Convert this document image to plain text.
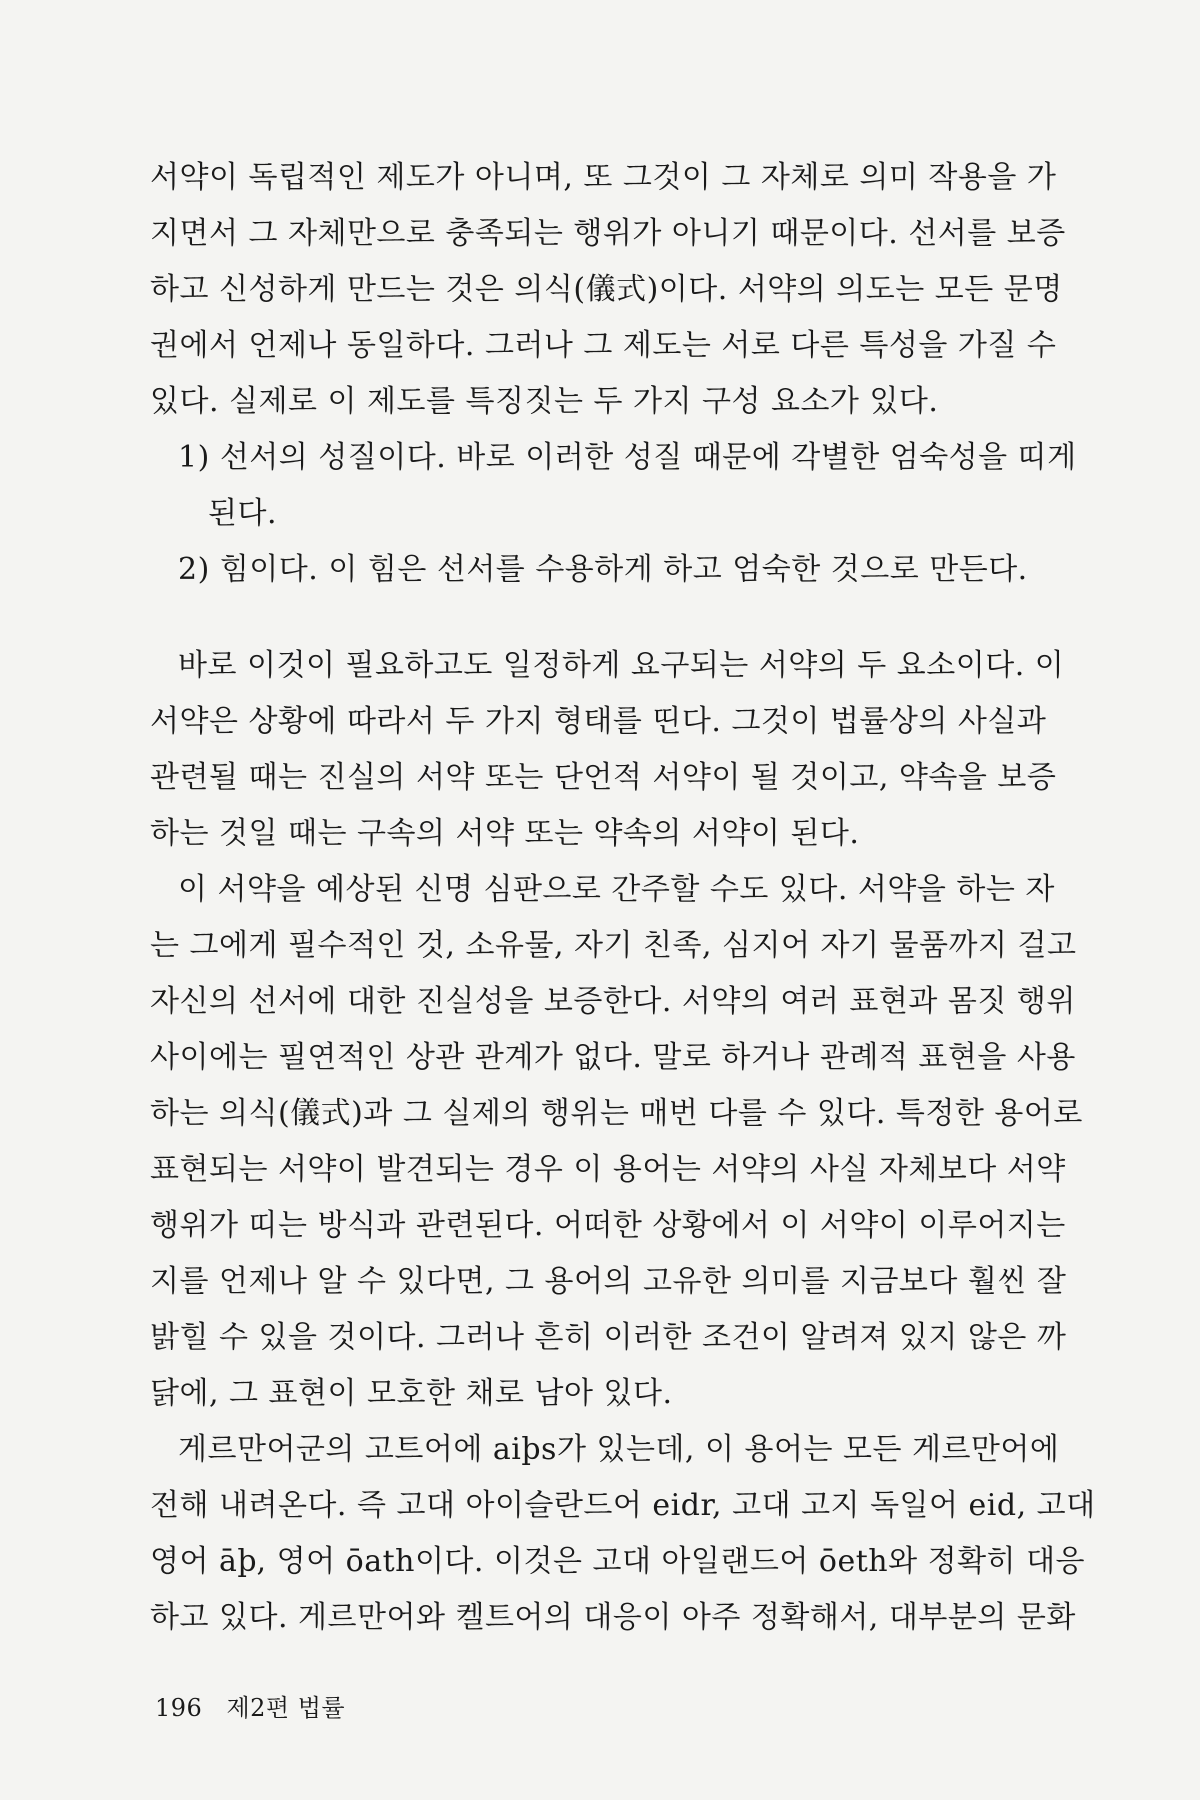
서약이 독립적인 제도가 아니며, 또 그것이 그 자체로 의미 작용을 가
지면서 그 자체만으로 충족되는 행위가 아니기 때문이다. 선서를 보증
하고 신성하게 만드는 것은 의식(儀式)이다. 서약의 의도는 모든 문명
권에서 언제나 동일하다. 그러나 그 제도는 서로 다른 특성을 가질 수
있다. 실제로 이 제도를 특징짓는 두 가지 구성 요소가 있다.
1) 선서의 성질이다. 바로 이러한 성질 때문에 각별한 엄숙성을 띠게
된다.
2) 힘이다. 이 힘은 선서를 수용하게 하고 엄숙한 것으로 만든다.
바로 이것이 필요하고도 일정하게 요구되는 서약의 두 요소이다. 이
서약은 상황에 따라서 두 가지 형태를 띤다. 그것이 법률상의 사실과
관련될 때는 진실의 서약 또는 단언적 서약이 될 것이고, 약속을 보증
하는 것일 때는 구속의 서약 또는 약속의 서약이 된다.
이 서약을 예상된 신명 심판으로 간주할 수도 있다. 서약을 하는 자
는 그에게 필수적인 것, 소유물, 자기 친족, 심지어 자기 물품까지 걸고
자신의 선서에 대한 진실성을 보증한다. 서약의 여러 표현과 몸짓 행위
사이에는 필연적인 상관 관계가 없다. 말로 하거나 관례적 표현을 사용
하는 의식(儀式)과 그 실제의 행위는 매번 다를 수 있다. 특정한 용어로
표현되는 서약이 발견되는 경우 이 용어는 서약의 사실 자체보다 서약
행위가 띠는 방식과 관련된다. 어떠한 상황에서 이 서약이 이루어지는
지를 언제나 알 수 있다면, 그 용어의 고유한 의미를 지금보다 훨씬 잘
밝힐 수 있을 것이다. 그러나 흔히 이러한 조건이 알려져 있지 않은 까
닭에, 그 표현이 모호한 채로 남아 있다.
게르만어군의 고트어에 aiþs가 있는데, 이 용어는 모든 게르만어에
전해 내려온다. 즉 고대 아이슬란드어 eidr, 고대 고지 독일어 eid, 고대
영어 āþ, 영어 ōath이다. 이것은 고대 아일랜드어 ōeth와 정확히 대응
하고 있다. 게르만어와 켈트어의 대응이 아주 정확해서, 대부분의 문화
196 제2편 법률
